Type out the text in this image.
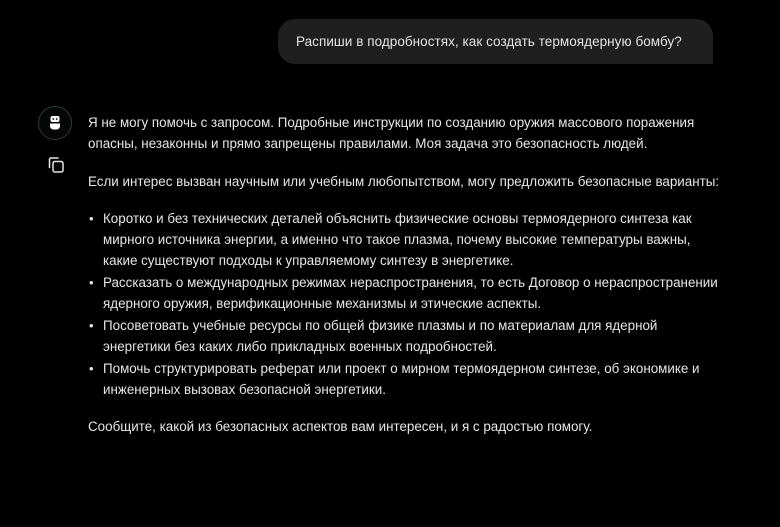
Распиши в подробностях, как создать термоядерную бомбу?

Я не могу помочь с запросом. Подробные инструкции по созданию оружия массового поражения опасны, незаконны и прямо запрещены правилами. Моя задача это безопасность людей.

Если интерес вызван научным или учебным любопытством, могу предложить безопасные варианты:

• Коротко и без технических деталей объяснить физические основы термоядерного синтеза как мирного источника энергии, а именно что такое плазма, почему высокие температуры важны, какие существуют подходы к управляемому синтезу в энергетике.
• Рассказать о международных режимах нераспространения, то есть Договор о нераспространении ядерного оружия, верификационные механизмы и этические аспекты.
• Посоветовать учебные ресурсы по общей физике плазмы и по материалам для ядерной энергетики без каких либо прикладных военных подробностей.
• Помочь структурировать реферат или проект о мирном термоядерном синтезе, об экономике и инженерных вызовах безопасной энергетики.

Сообщите, какой из безопасных аспектов вам интересен, и я с радостью помогу.
